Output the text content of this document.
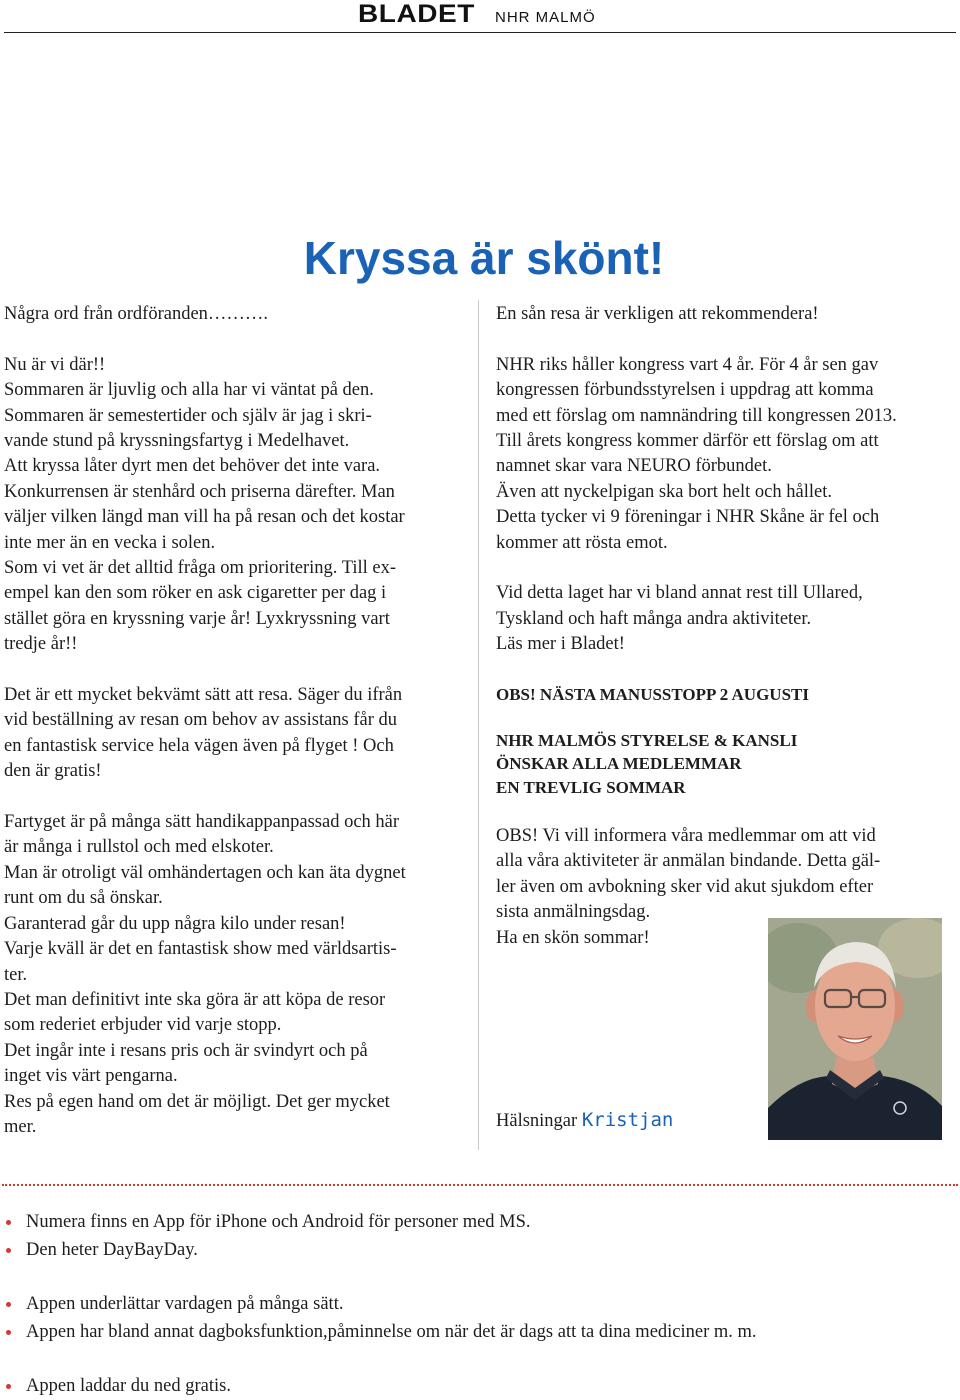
BLADET NHR MALMÖ
Kryssa är skönt!

Några ord från ordföranden……….

Nu är vi där!!

Sommaren är ljuvlig och alla har vi väntat på den.

Sommaren är semestertider och själv är jag i skri-

vande stund på kryssningsfartyg i Medelhavet.

Att kryssa låter dyrt men det behöver det inte vara.

Konkurrensen är stenhård och priserna därefter. Man

väljer vilken längd man vill ha på resan och det kostar

inte mer än en vecka i solen.

Som vi vet är det alltid fråga om prioritering. Till ex-

empel kan den som röker en ask cigaretter per dag i

stället göra en kryssning varje år! Lyxkryssning vart

tredje år!!

Det är ett mycket bekvämt sätt att resa. Säger du ifrån

vid beställning av resan om behov av assistans får du

en fantastisk service hela vägen även på flyget ! Och

den är gratis!

Fartyget är på många sätt handikappanpassad och här

är många i rullstol och med elskoter.

Man är otroligt väl omhändertagen och kan äta dygnet

runt om du så önskar.

Garanterad går du upp några kilo under resan!

Varje kväll är det en fantastisk show med världsartis-

ter.

Det man definitivt inte ska göra är att köpa de resor

som rederiet erbjuder vid varje stopp.

Det ingår inte i resans pris och är svindyrt och på

inget vis värt pengarna.

Res på egen hand om det är möjligt. Det ger mycket

mer.

En sån resa är verkligen att rekommendera!

NHR riks håller kongress vart 4 år. För 4 år sen gav

kongressen förbundsstyrelsen i uppdrag att komma

med ett förslag om namnändring till kongressen 2013.

Till årets kongress kommer därför ett förslag om att

namnet skar vara NEURO förbundet.

Även att nyckelpigan ska bort helt och hållet.

Detta tycker vi 9 föreningar i NHR Skåne är fel och

kommer att rösta emot.

Vid detta laget har vi bland annat rest till Ullared,

Tyskland och haft många andra aktiviteter.

Läs mer i Bladet!

OBS! NÄSTA MANUSSTOPP 2 AUGUSTI

NHR MALMÖS STYRELSE & KANSLI

ÖNSKAR ALLA MEDLEMMAR

EN TREVLIG SOMMAR

OBS! Vi vill informera våra medlemmar om att vid

alla våra aktiviteter är anmälan bindande. Detta gäl-

ler även om avbokning sker vid akut sjukdom efter

sista anmälningsdag.

Ha en skön sommar!

Hälsningar Kristjan
Numera finns en App för iPhone och Android för personer med MS.
Den heter DayBayDay.
Appen underlättar vardagen på många sätt.
Appen har bland annat dagboksfunktion,påminnelse om när det är dags att ta dina mediciner m. m.
Appen laddar du ned gratis.
